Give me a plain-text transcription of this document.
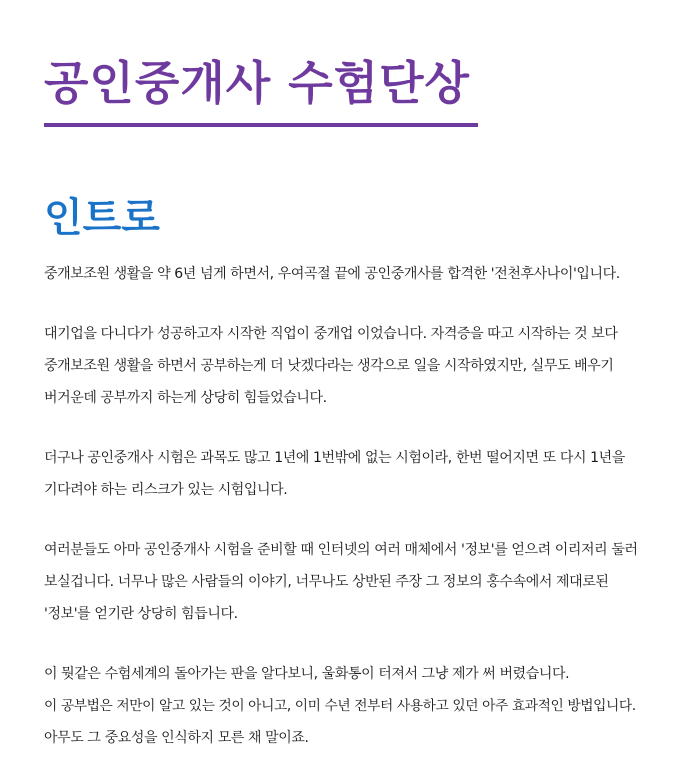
공인중개사 수험단상
인트로

중개보조원 생활을 약 6년 넘게 하면서, 우여곡절 끝에 공인중개사를 합격한 '전천후사나이'입니다.

대기업을 다니다가 성공하고자 시작한 직업이 중개업 이었습니다. 자격증을 따고 시작하는 것 보다
중개보조원 생활을 하면서 공부하는게 더 낫겠다라는 생각으로 일을 시작하였지만, 실무도 배우기
버거운데 공부까지 하는게 상당히 힘들었습니다.

더구나 공인중개사 시험은 과목도 많고 1년에 1번밖에 없는 시험이라, 한번 떨어지면 또 다시 1년을
기다려야 하는 리스크가 있는 시험입니다.

여러분들도 아마 공인중개사 시험을 준비할 때 인터넷의 여러 매체에서 '정보'를 얻으려 이리저리 둘러
보실겁니다. 너무나 많은 사람들의 이야기, 너무나도 상반된 주장 그 정보의 홍수속에서 제대로된
'정보'를 얻기란 상당히 힘듭니다.

이 뭣같은 수험세계의 돌아가는 판을 알다보니, 울화통이 터져서 그냥 제가 써 버렸습니다.
이 공부법은 저만이 알고 있는 것이 아니고, 이미 수년 전부터 사용하고 있던 아주 효과적인 방법입니다.
아무도 그 중요성을 인식하지 모른 채 말이죠.
